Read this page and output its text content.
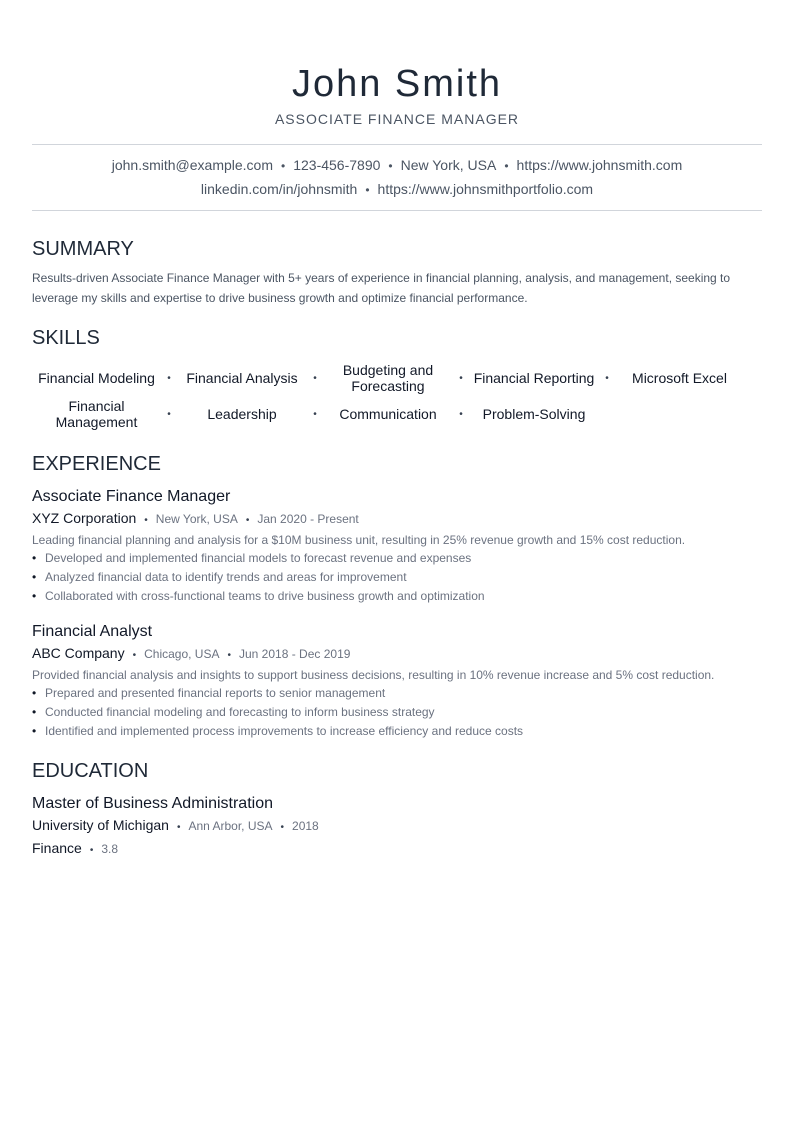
John Smith
ASSOCIATE FINANCE MANAGER
john.smith@example.com • 123-456-7890 • New York, USA • https://www.johnsmith.com
linkedin.com/in/johnsmith • https://www.johnsmithportfolio.com
SUMMARY
Results-driven Associate Finance Manager with 5+ years of experience in financial planning, analysis, and management, seeking to leverage my skills and expertise to drive business growth and optimize financial performance.
SKILLS
Financial Modeling	•	Financial Analysis	•	Budgeting and Forecasting	• Financial Reporting	•	Microsoft Excel
Financial Management	•	Leadership	•	Communication	•	Problem-Solving
EXPERIENCE
Associate Finance Manager
XYZ Corporation • New York, USA • Jan 2020 - Present
Leading financial planning and analysis for a $10M business unit, resulting in 25% revenue growth and 15% cost reduction.
• Developed and implemented financial models to forecast revenue and expenses
• Analyzed financial data to identify trends and areas for improvement
• Collaborated with cross-functional teams to drive business growth and optimization
Financial Analyst
ABC Company • Chicago, USA • Jun 2018 - Dec 2019
Provided financial analysis and insights to support business decisions, resulting in 10% revenue increase and 5% cost reduction.
• Prepared and presented financial reports to senior management
• Conducted financial modeling and forecasting to inform business strategy
• Identified and implemented process improvements to increase efficiency and reduce costs
EDUCATION
Master of Business Administration
University of Michigan • Ann Arbor, USA • 2018
Finance • 3.8
